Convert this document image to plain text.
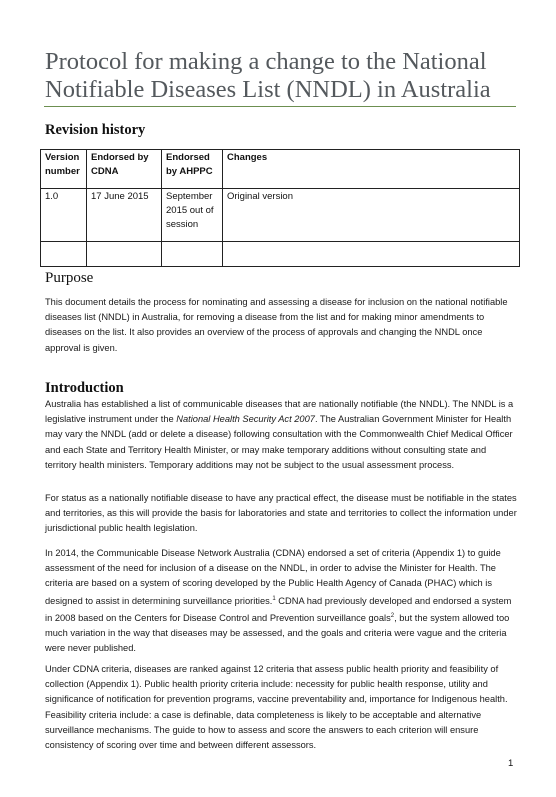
Protocol for making a change to the National Notifiable Diseases List (NNDL) in Australia
Revision history
Version number	Endorsed by CDNA	Endorsed by AHPPC	Changes
1.0	17 June 2015	September 2015 out of session	Original version

Purpose

This document details the process for nominating and assessing a disease for inclusion on the national notifiable diseases list (NNDL) in Australia, for removing a disease from the list and for making minor amendments to diseases on the list. It also provides an overview of the process of approvals and changing the NNDL once approval is given.

Introduction

Australia has established a list of communicable diseases that are nationally notifiable (the NNDL). The NNDL is a legislative instrument under the National Health Security Act 2007. The Australian Government Minister for Health may vary the NNDL (add or delete a disease) following consultation with the Commonwealth Chief Medical Officer and each State and Territory Health Minister, or may make temporary additions without consulting state and territory health ministers. Temporary additions may not be subject to the usual assessment process.

For status as a nationally notifiable disease to have any practical effect, the disease must be notifiable in the states and territories, as this will provide the basis for laboratories and state and territories to collect the information under jurisdictional public health legislation.

In 2014, the Communicable Disease Network Australia (CDNA) endorsed a set of criteria (Appendix 1) to guide assessment of the need for inclusion of a disease on the NNDL, in order to advise the Minister for Health. The criteria are based on a system of scoring developed by the Public Health Agency of Canada (PHAC) which is designed to assist in determining surveillance priorities.$^1$ CDNA had previously developed and endorsed a system in 2008 based on the Centers for Disease Control and Prevention surveillance goals$^2$, but the system allowed too much variation in the way that diseases may be assessed, and the goals and criteria were vague and the criteria were never published.

Under CDNA criteria, diseases are ranked against 12 criteria that assess public health priority and feasibility of collection (Appendix 1). Public health priority criteria include: necessity for public health response, utility and significance of notification for prevention programs, vaccine preventability and, importance for Indigenous health. Feasibility criteria include: a case is definable, data completeness is likely to be acceptable and alternative surveillance mechanisms. The guide to how to assess and score the answers to each criterion will ensure consistency of scoring over time and between different assessors.

1
